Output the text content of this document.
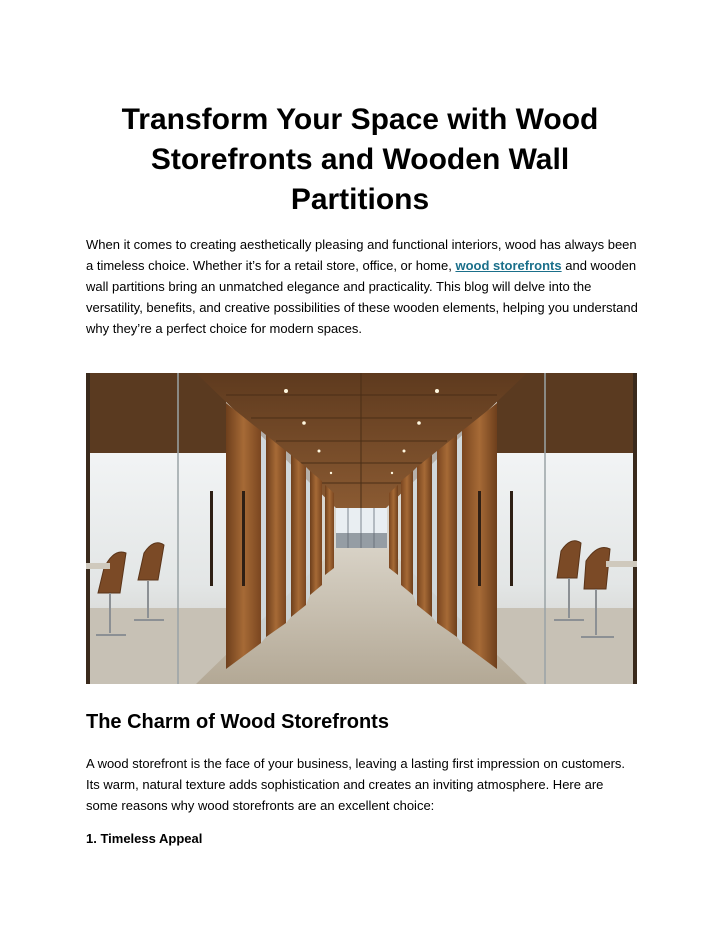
Transform Your Space with Wood Storefronts and Wooden Wall Partitions

When it comes to creating aesthetically pleasing and functional interiors, wood has always been a timeless choice. Whether it’s for a retail store, office, or home, wood storefronts and wooden wall partitions bring an unmatched elegance and practicality. This blog will delve into the versatility, benefits, and creative possibilities of these wooden elements, helping you understand why they’re a perfect choice for modern spaces.

The Charm of Wood Storefronts

A wood storefront is the face of your business, leaving a lasting first impression on customers. Its warm, natural texture adds sophistication and creates an inviting atmosphere. Here are some reasons why wood storefronts are an excellent choice:

1. Timeless Appeal
